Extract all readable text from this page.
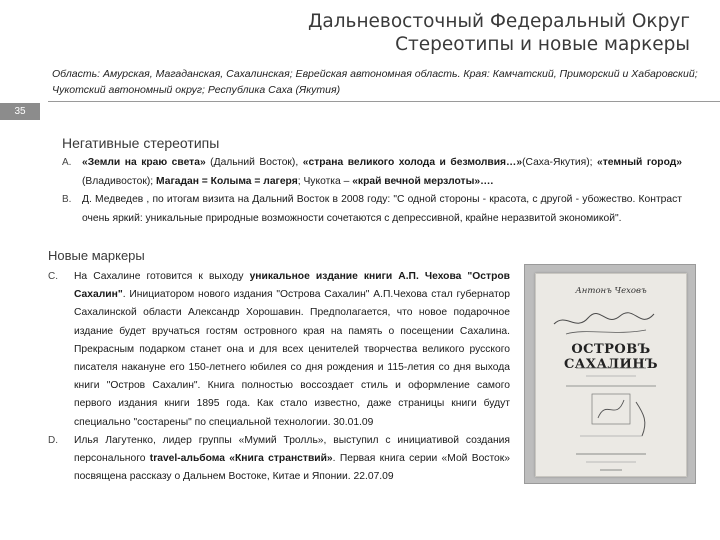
Дальневосточный Федеральный Округ
Стереотипы и новые маркеры
Область: Амурская, Магаданская, Сахалинская; Еврейская автономная область. Края: Камчатский, Приморский и Хабаровский; Чукотский автономный округ; Республика Саха (Якутия)
35
Негативные стереотипы
A.	«Земли на краю света» (Дальний Восток), «страна великого холода и безмолвия…»(Саха-Якутия); «темный город» (Владивосток); Магадан = Колыма = лагеря; Чукотка – «край вечной мерзлоты»….
B.	Д. Медведев , по итогам визита на Дальний Восток в 2008 году: "С одной стороны - красота, с другой - убожество. Контраст очень яркий: уникальные природные возможности сочетаются с депрессивной, крайне неразвитой экономикой".
Новые маркеры
C.	На Сахалине готовится к выходу уникальное издание книги А.П. Чехова "Остров Сахалин". Инициатором нового издания "Острова Сахалин" А.П.Чехова стал губернатор Сахалинской области Александр Хорошавин. Предполагается, что новое подарочное издание будет вручаться гостям островного края на память о посещении Сахалина. Прекрасным подарком станет она и для всех ценителей творчества великого русского писателя накануне его 150-летнего юбилея со дня рождения и 115-летия со дня выхода книги "Остров Сахалин". Книга полностью воссоздает стиль и оформление самого первого издания книги 1895 года. Как стало известно, даже страницы книги будут специально "состарены" по специальной технологии. 30.01.09
D.	Илья Лагутенко, лидер группы «Мумий Тролль», выступил с инициативой создания персонального travel-альбома «Книга странствий». Первая книга серии «Мой Восток» посвящена рассказу о Дальнем Востоке, Китае и Японии. 22.07.09
Антонъ Чеховъ
ОСТРОВЪ САХАЛИНЪ
